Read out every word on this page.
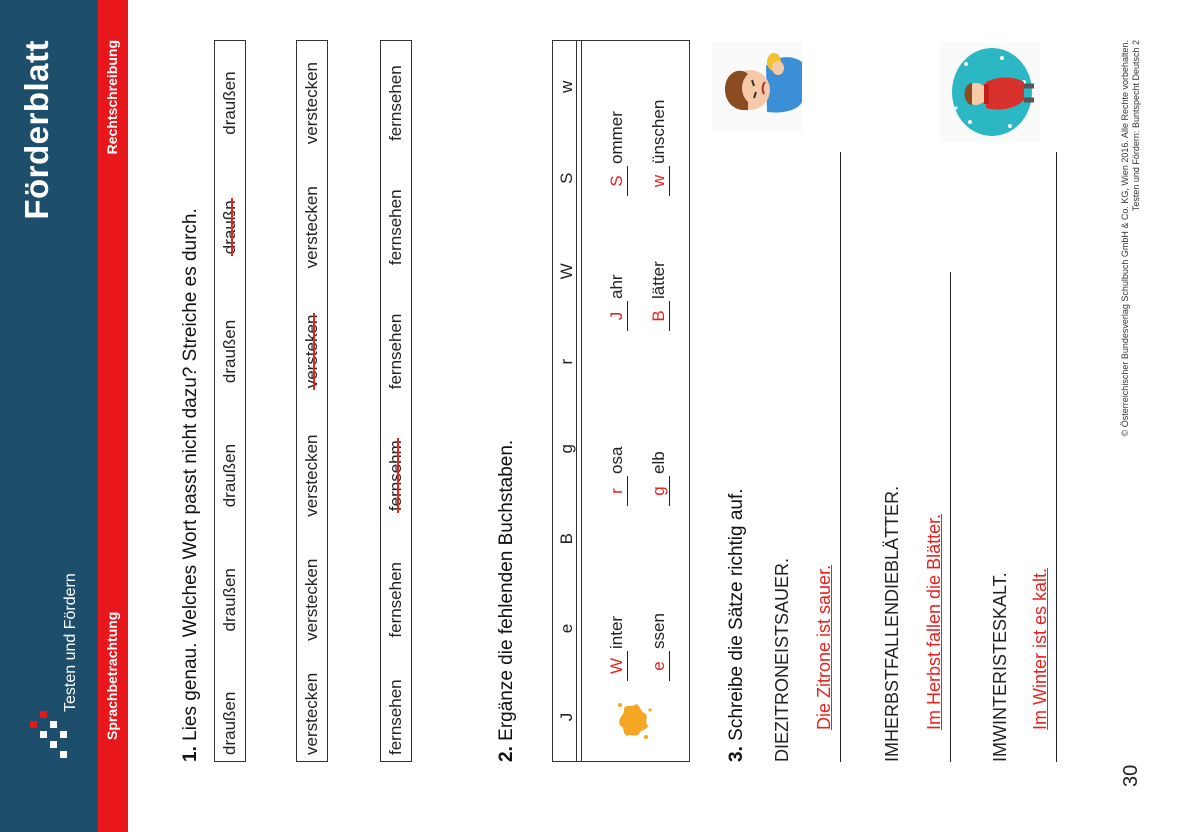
Testen und Fördern
Förderblatt
Sprachbetrachtung
Rechtschreibung
1. Lies genau. Welches Wort passt nicht dazu? Streiche es durch. draußen
draußen
draußen
draußen
draußn
draußen
verstecken
verstecken
verstecken
versteken
verstecken
verstecken
fernsehen
fernsehen
fernsehm
fernsehen
fernsehen
fernsehen
2. Ergänze die fehlenden Buchstaben. J
e
B
g
r
W
S
w
Winter
rosa
Jahr
Sommer
essen
gelb
Blätter
wünschen
3. Schreibe die Sätze richtig auf. DIEZITRONEISTSAUER. Die Zitrone ist sauer.	IMHERBSTFALLENDIEBLÄTTER. Im Herbst fallen die Blätter.	IMWINTERISTESKALT. Im Winter ist es kalt.
30
© Österreichischer Bundesverlag Schulbuch GmbH & Co. KG, Wien 2016. Alle Rechte vorbehalten. Testen und Fördern: Buntspecht Deutsch 2
